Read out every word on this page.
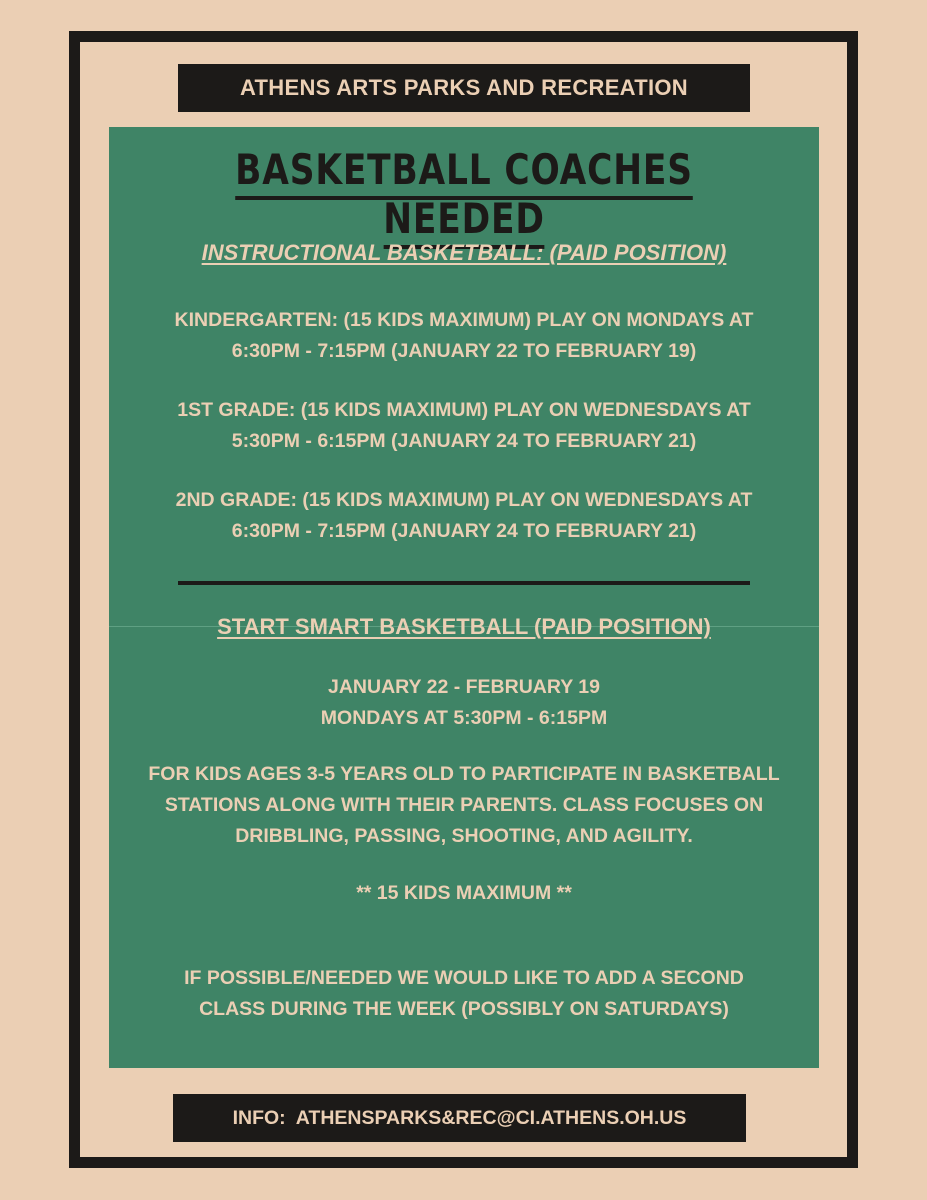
ATHENS ARTS PARKS AND RECREATION
BASKETBALL COACHES NEEDED
INSTRUCTIONAL BASKETBALL: (PAID POSITION)
KINDERGARTEN: (15 KIDS MAXIMUM) PLAY ON MONDAYS AT
6:30PM - 7:15PM (JANUARY 22 TO FEBRUARY 19)
1ST GRADE: (15 KIDS MAXIMUM) PLAY ON WEDNESDAYS AT
5:30PM - 6:15PM (JANUARY 24 TO FEBRUARY 21)
2ND GRADE: (15 KIDS MAXIMUM) PLAY ON WEDNESDAYS AT
6:30PM - 7:15PM (JANUARY 24 TO FEBRUARY 21)
START SMART BASKETBALL (PAID POSITION)
JANUARY 22 - FEBRUARY 19
MONDAYS AT 5:30PM - 6:15PM
FOR KIDS AGES 3-5 YEARS OLD TO PARTICIPATE IN BASKETBALL
STATIONS ALONG WITH THEIR PARENTS. CLASS FOCUSES ON
DRIBBLING, PASSING, SHOOTING, AND AGILITY.
** 15 KIDS MAXIMUM **
IF POSSIBLE/NEEDED WE WOULD LIKE TO ADD A SECOND
CLASS DURING THE WEEK (POSSIBLY ON SATURDAYS)
INFO:  ATHENSPARKS&REC@CI.ATHENS.OH.US
